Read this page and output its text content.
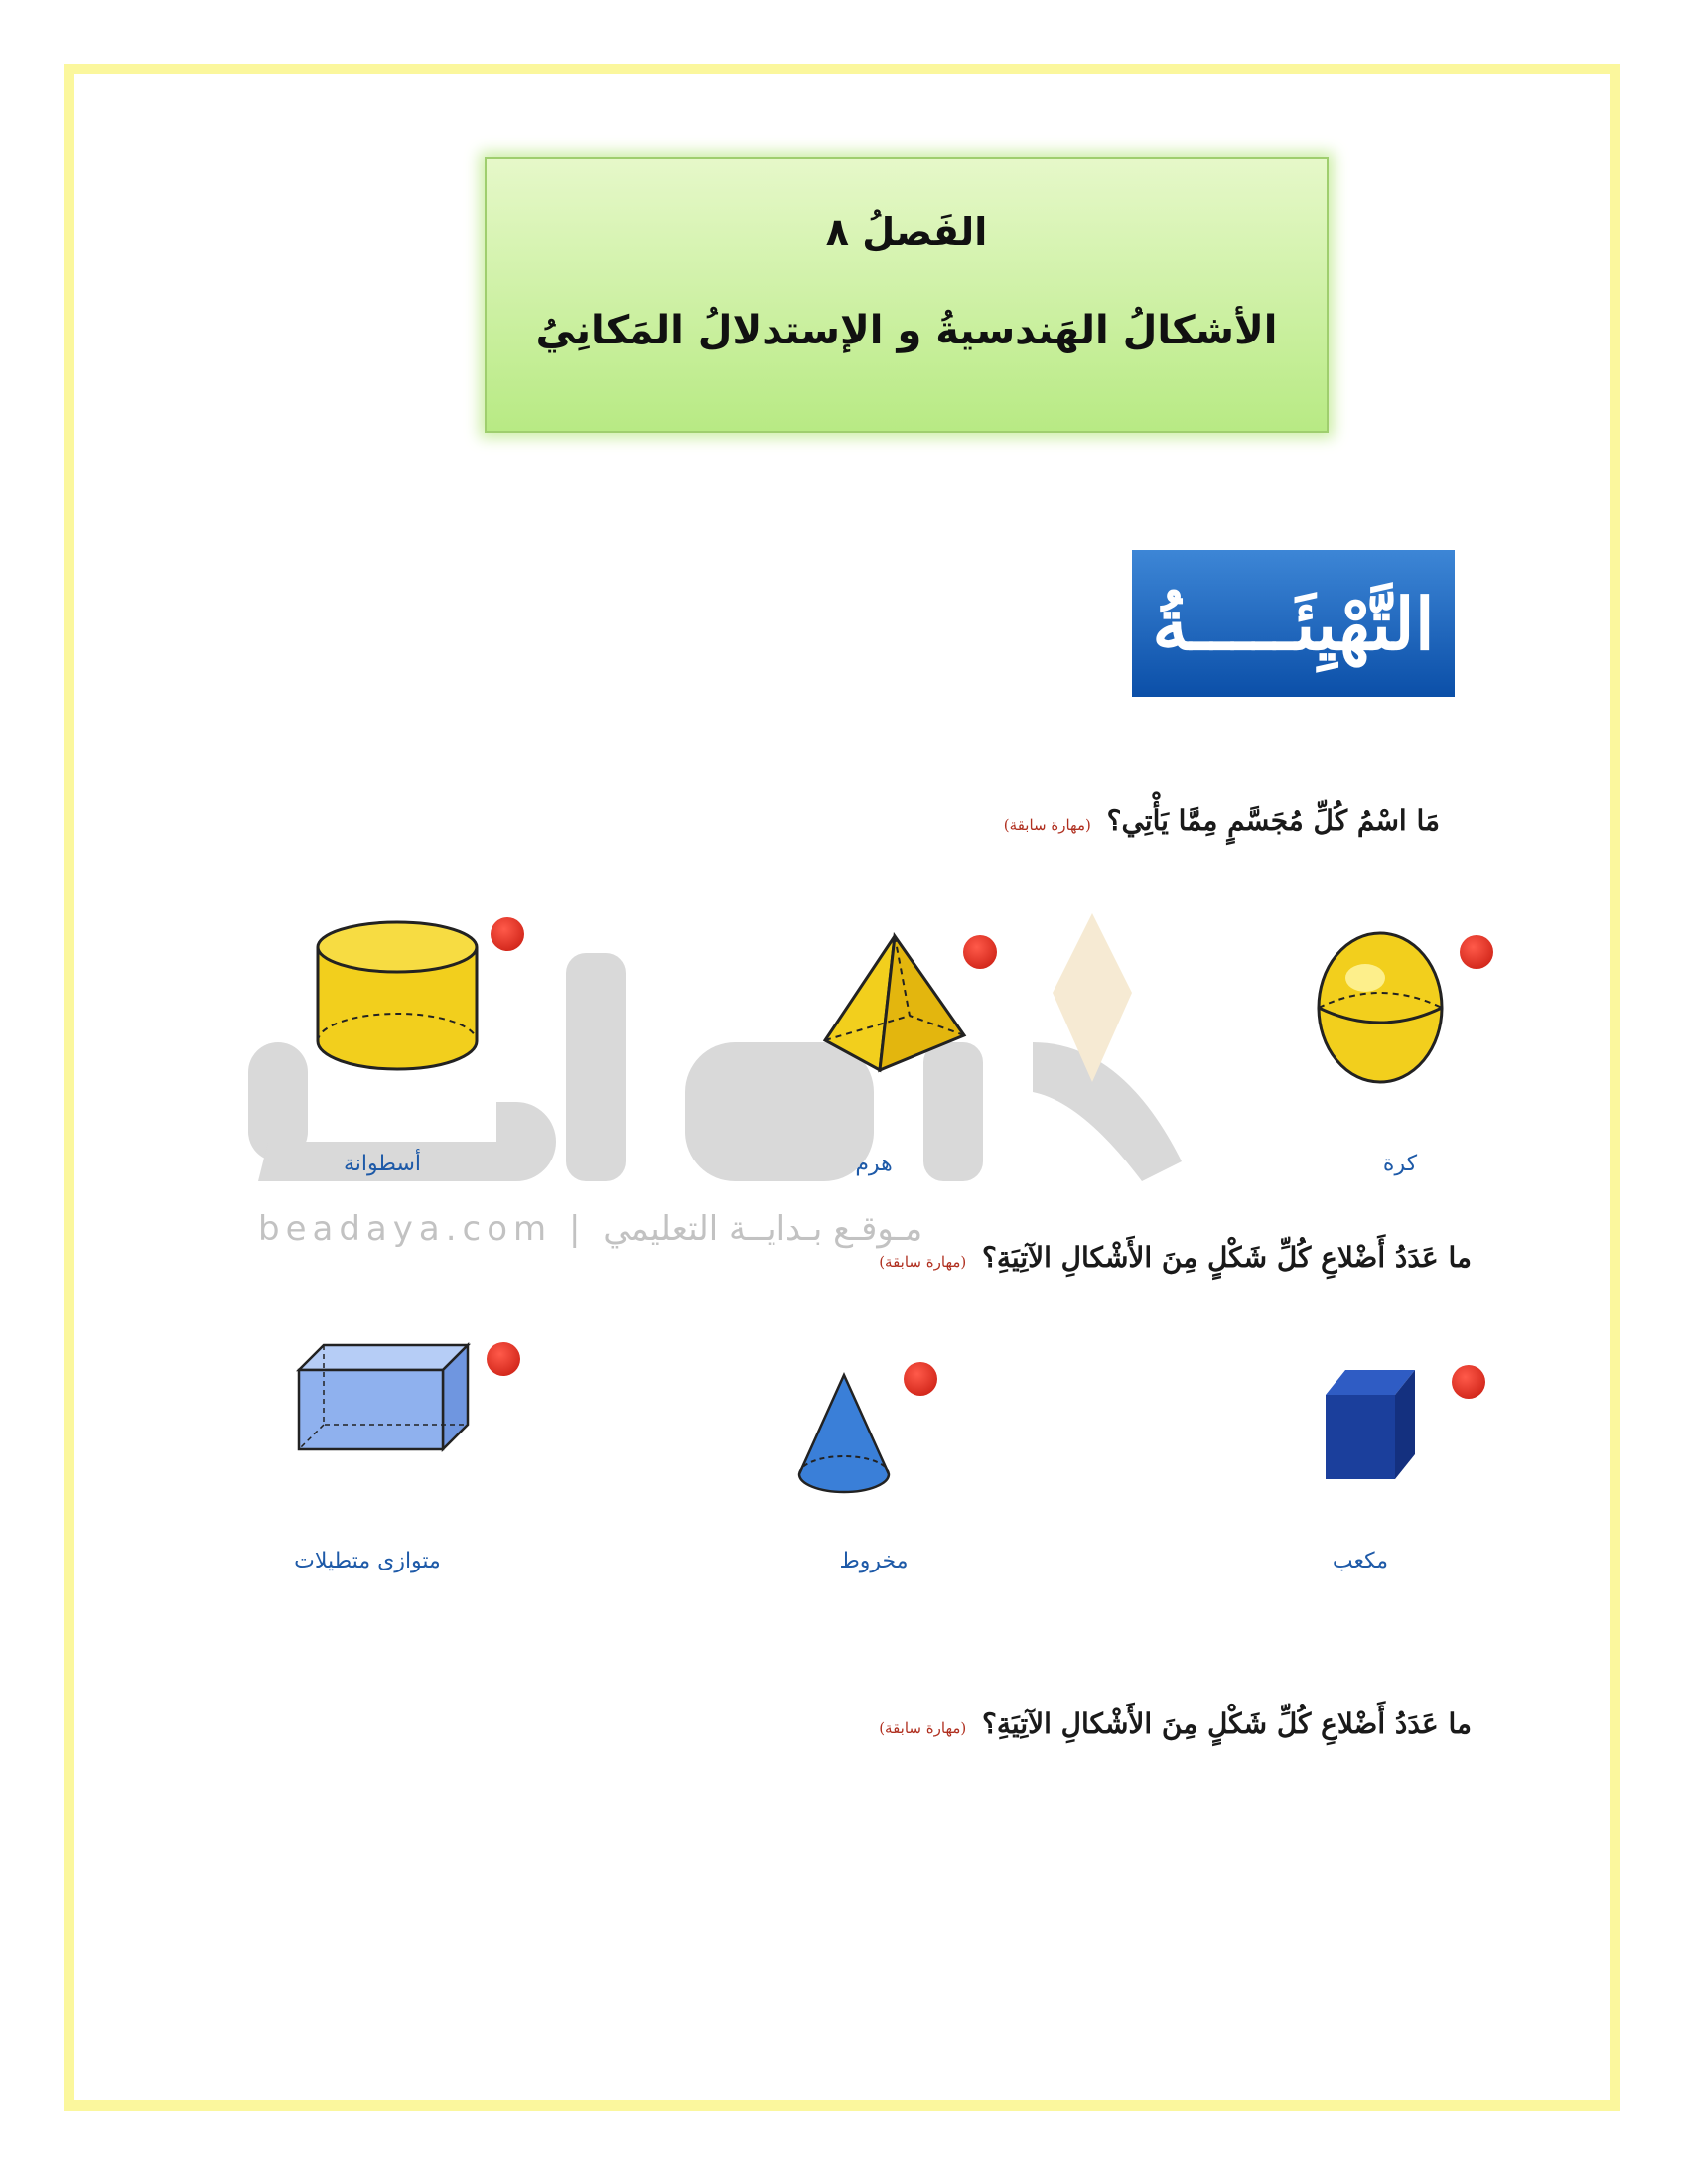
beadaya.com | مـوقـع بـدايــة التعليمي
الفَصلُ ٨
الأشكالُ الهَندسيةُ و الإستدلالُ المَكانِيُ
التَّهْيِئَـــــةُ
مَا اسْمُ كُلِّ مُجَسَّمٍ مِمَّا يَأْتِي؟ (مهارة سابقة)
كرة
هرم
أسطوانة
ما عَدَدُ أَضْلاعِ كُلِّ شَكْلٍ مِنَ الأَشْكالِ الآتِيَةِ؟ (مهارة سابقة)
مكعب
مخروط
متوازى متطيلات
ما عَدَدُ أَضْلاعِ كُلِّ شَكْلٍ مِنَ الأَشْكالِ الآتِيَةِ؟ (مهارة سابقة)
